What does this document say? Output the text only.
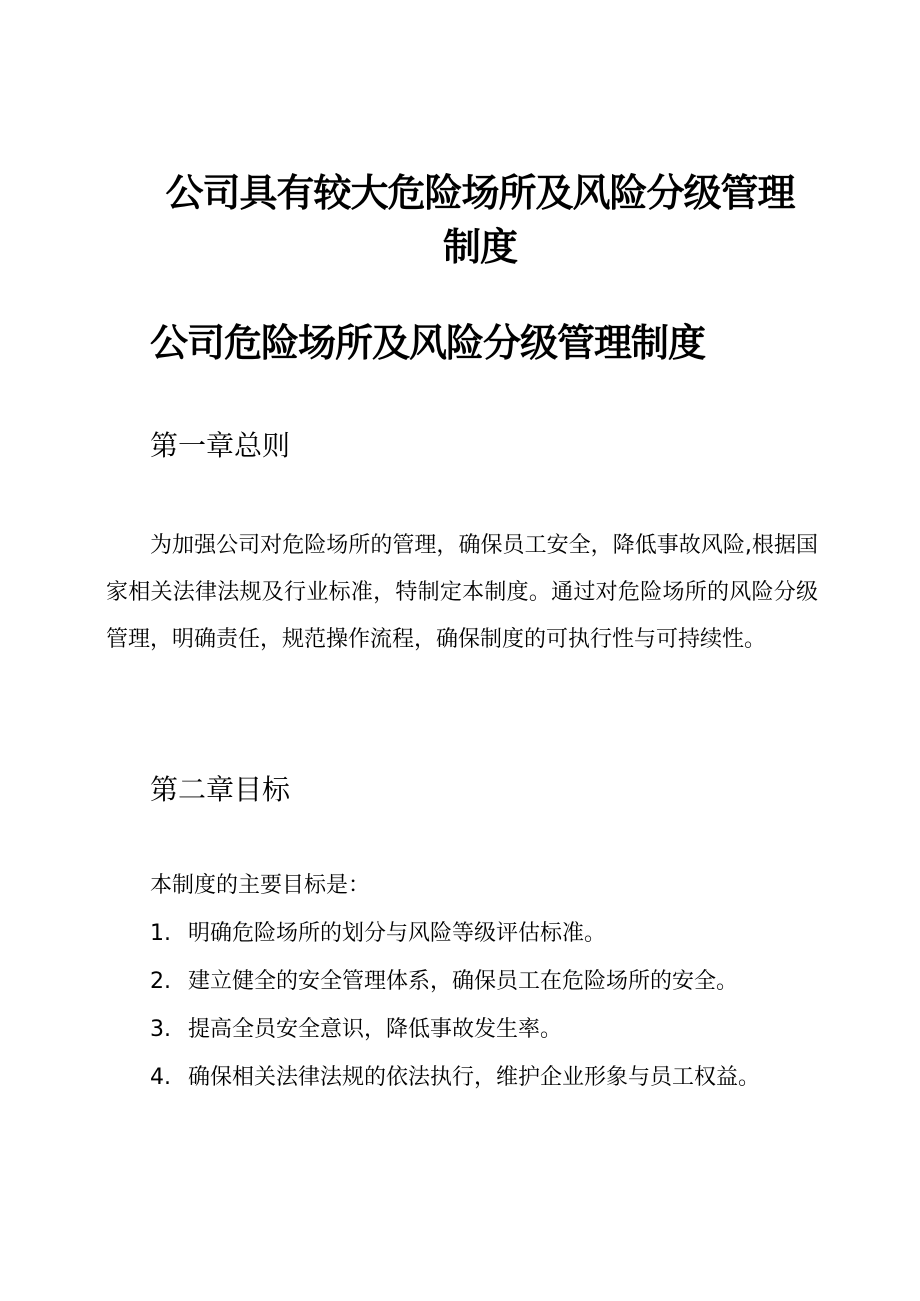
公司具有较大危险场所及风险分级管理制度
公司危险场所及风险分级管理制度
第一章总则
为加强公司对危险场所的管理，确保员工安全，降低事故风险,根据国家相关法律法规及行业标准，特制定本制度。通过对危险场所的风险分级管理，明确责任，规范操作流程，确保制度的可执行性与可持续性。
第二章目标
本制度的主要目标是：
1. 明确危险场所的划分与风险等级评估标准。
2. 建立健全的安全管理体系，确保员工在危险场所的安全。
3. 提高全员安全意识，降低事故发生率。
4. 确保相关法律法规的依法执行，维护企业形象与员工权益。
